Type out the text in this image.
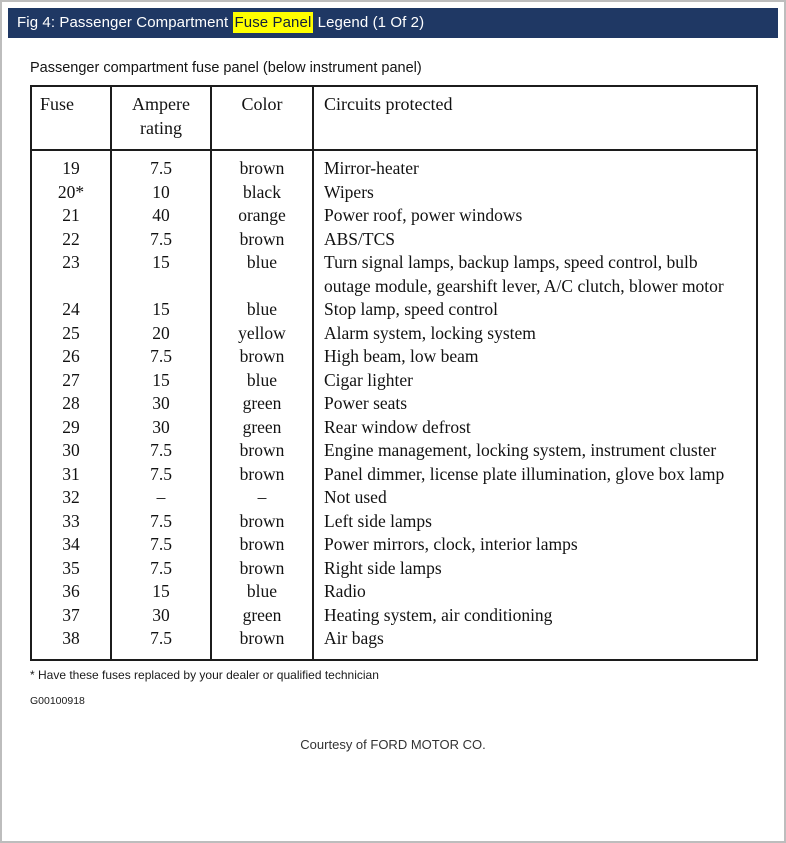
Fig 4: Passenger Compartment Fuse Panel Legend (1 Of 2)
Passenger compartment fuse panel (below instrument panel)
Fuse	Ampere rating	Color	Circuits protected
19	7.5	brown	Mirror-heater
20*	10	black	Wipers
21	40	orange	Power roof, power windows
22	7.5	brown	ABS/TCS
23	15	blue	Turn signal lamps, backup lamps, speed control, bulb outage module, gearshift lever, A/C clutch, blower motor
24	15	blue	Stop lamp, speed control
25	20	yellow	Alarm system, locking system
26	7.5	brown	High beam, low beam
27	15	blue	Cigar lighter
28	30	green	Power seats
29	30	green	Rear window defrost
30	7.5	brown	Engine management, locking system, instrument cluster
31	7.5	brown	Panel dimmer, license plate illumination, glove box lamp
32	–	–	Not used
33	7.5	brown	Left side lamps
34	7.5	brown	Power mirrors, clock, interior lamps
35	7.5	brown	Right side lamps
36	15	blue	Radio
37	30	green	Heating system, air conditioning
38	7.5	brown	Air bags
* Have these fuses replaced by your dealer or qualified technician
G00100918
Courtesy of FORD MOTOR CO.
